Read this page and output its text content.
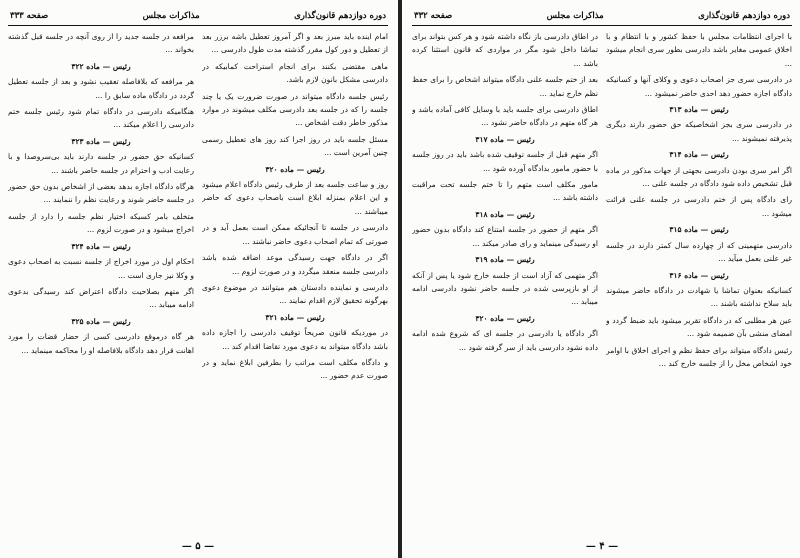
دوره دوازدهم قانون‌گذاری
مذاکرات مجلس
صفحه ۳۳۳

امام اینده باید مبرز بعد و اگر آمروز تعطیل باشه برزر بعد از تعطیل و دور کول مقرر گذشته مدت طول دادرسی ...

ماهی مقتضی بکنند برای انجام استراحت کمابیکه در دادرسی مشکل بانون لازم باشد.

رئیس جلسه دادگاه میتواند در صورت ضرورت یک یا چند جلسه را که در جلسه بعد دادرسی مکلف میشوند در موارد مذکور خاطر دقت اشخاص ...

مسئل جلسه باید در روز اجرا کند روز های تعطیل رسمی چنین آمرین است ...

رئیس — ماده ۳۲۰

روز و ساعت جلسه بعد از طرف رئیس دادگاه اعلام میشود و این اعلام بمنزله ابلاغ است باصحاب دعوی که حاضر میباشند ...

دادرسی در جلسه تا آنجائیکه ممکن است بعمل آید و در صورتی که تمام اصحاب دعوی حاضر نباشند ...

اگر در دادگاه جهت رسیدگی موعد اضافه شده باشد دادرسی جلسه منعقد میگردد و در صورت لزوم ...

دادرسی و نماینده دادستان هم میتوانند در موضوع دعوی بهرگونه تحقیق لازم اقدام نمایند ...

رئیس — ماده ۳۲۱

در موردیکه قانون صریحاً توقیف دادرسی را اجازه داده باشد دادگاه میتواند به دعوی مورد تقاضا اقدام کند ...

و دادگاه مکلف است مراتب را بطرفین ابلاغ نماید و در صورت عدم حضور ...

مرافعه در جلسه جدید را از روی آنچه در جلسه قبل گذشته بخواند ...

رئیس — ماده ۳۲۲

هر مرافعه که بلافاصله تعقیب نشود و بعد از جلسه تعطیل گردد در دادگاه ماده سابق را ...

هنگامیکه دادرسی در دادگاه تمام شود رئیس جلسه ختم دادرسی را اعلام میکند ...

رئیس — ماده ۳۲۳

کسانیکه حق حضور در جلسه دارند باید بی‌سروصدا و با رعایت ادب و احترام در جلسه حاضر باشند ...

هرگاه دادگاه اجازه بدهد بعضی از اشخاص بدون حق حضور در جلسه حاضر شوند و رعایت نظم را ننمایند ...

متخلف بامر کسیکه اختیار نظم جلسه را دارد از جلسه اخراج میشود و در صورت لزوم ...

رئیس — ماده ۳۲۴

احکام اول در مورد اخراج از جلسه نسبت به اصحاب دعوی و وکلا نیز جاری است ...

اگر متهم بصلاحیت دادگاه اعتراض کند رسیدگی بدعوی ادامه میبابد ...

رئیس — ماده ۳۲۵

هر گاه درموقع دادرسی کسی از حضار قضات را مورد اهانت قرار دهد دادگاه بلافاصله او را محاکمه مینماید ...

— ۵ —
دوره دوازدهم قانون‌گذاری
مذاکرات مجلس
صفحه ۳۳۲

با اجرای انتظامات مجلس با حفظ کشور و با انتظام و با اخلاق عمومی مغایر باشد دادرسی بطور سری انجام میشود ...

در دادرسی سری جز اصحاب دعوی و وکلای آنها و کسانیکه دادگاه اجازه حضور دهد احدی حاضر نمیشود ...

رئیس — ماده ۳۱۳

در دادرسی سری بجز اشخاصیکه حق حضور دارند دیگری پذیرفته نمیشوند ...

رئیس — ماده ۳۱۴

اگر امر سری بودن دادرسی بجهتی از جهات مذکور در ماده قبل تشخیص داده شود دادگاه در جلسه علنی ...

رای دادگاه پس از ختم دادرسی در جلسه علنی قرائت میشود ...

رئیس — ماده ۳۱۵

دادرسی متهمینی که از چهارده سال کمتر دارند در جلسه غیر علنی بعمل میآید ...

رئیس — ماده ۳۱۶

کسانیکه بعنوان تماشا یا شهادت در دادگاه حاضر میشوند باید سلاح نداشته باشند ...

عین هر مطلبی که در دادگاه تقریر میشود باید ضبط گردد و امضای منشی بآن ضمیمه شود ...

رئیس دادگاه میتواند برای حفظ نظم و اجرای اخلاق با اوامر خود اشخاص مخل را از جلسه خارج کند ...

در اطاق دادرسی باز نگاه داشته شود و هر کس بتواند برای تماشا داخل شود مگر در مواردی که قانون استثنا کرده باشد ...

بعد از ختم جلسه علنی دادگاه میتواند اشخاص را برای حفظ نظم خارج نماید ...

اطاق دادرسی برای جلسه باید با وسایل کافی آماده باشد و هر گاه متهم در دادگاه حاضر نشود ...

رئیس — ماده ۳۱۷

اگر متهم قبل از جلسه توقیف شده باشد باید در روز جلسه با حضور مامور بدادگاه آورده شود ...

مامور مکلف است متهم را تا ختم جلسه تحت مراقبت داشته باشد ...

رئیس — ماده ۳۱۸

اگر متهم از حضور در جلسه امتناع کند دادگاه بدون حضور او رسیدگی مینماید و رای صادر میکند ...

رئیس — ماده ۳۱۹

اگر متهمی که آزاد است از جلسه خارج شود یا پس از آنکه از او بازپرسی شده در جلسه حاضر نشود دادرسی ادامه میبابد ...

رئیس — ماده ۳۲۰

اگر دادگاه یا دادرسی در جلسه ای که شروع شده ادامه داده نشود دادرسی باید از سر گرفته شود ...

— ۴ —
